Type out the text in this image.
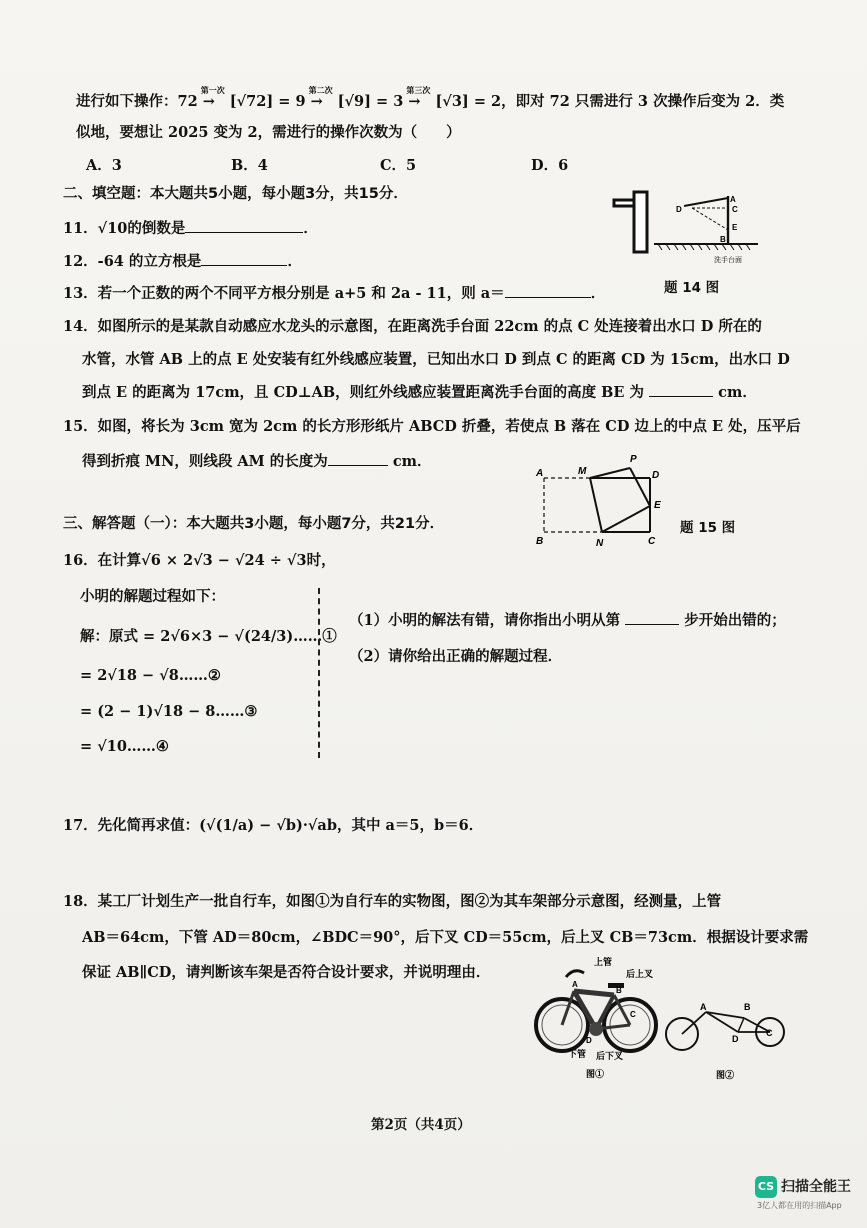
进行如下操作：72 →
第一次
[√72] = 9 →
第二次
[√9] = 3 →
第三次
[√3] = 2，即对 72 只需进行 3 次操作后变为 2．类
似地，要想让 2025 变为 2，需进行的操作次数为（　　）
A．3	B．4	C．5	D．6
二、填空题：本大题共5小题，每小题3分，共15分．
11．√10的倒数是	．
12．-64 的立方根是	．
13．若一个正数的两个不同平方根分别是 a+5 和 2a - 11，则 a＝	．
A
D	C
E
B
洗手台面
题 14 图
14．如图所示的是某款自动感应水龙头的示意图，在距离洗手台面 22cm 的点 C 处连接着出水口 D 所在的
水管，水管 AB 上的点 E 处安装有红外线感应装置，已知出水口 D 到点 C 的距离 CD 为 15cm，出水口 D
到点 E 的距离为 17cm，且 CD⊥AB，则红外线感应装置距离洗手台面的高度 BE 为	cm．
15．如图，将长为 3cm 宽为 2cm 的长方形形纸片 ABCD 折叠，若使点 B 落在 CD 边上的中点 E 处，压平后
得到折痕 MN，则线段 AM 的长度为	cm．
A	M
P
D
E
B	N	C
题 15 图
三、解答题（一）：本大题共3小题，每小题7分，共21分．
16．在计算√6 × 2√3 − √24 ÷ √3时，
小明的解题过程如下：
解：原式 = 2√6×3 − √(24/3)……①
= 2√18 − √8……②
= (2 − 1)√18 − 8……③
= √10……④
（1）小明的解法有错，请你指出小明从第	步开始出错的；
（2）请你给出正确的解题过程．
17．先化简再求值：(√(1/a) − √b)·√ab，其中 a＝5，b＝6．
18．某工厂计划生产一批自行车，如图①为自行车的实物图，图②为其车架部分示意图，经测量，上管
AB＝64cm，下管 AD＝80cm，∠BDC＝90°，后下叉 CD＝55cm，后上叉 CB＝73cm．根据设计要求需
保证 AB∥CD，请判断该车架是否符合设计要求，并说明理由．
上管
后上叉
下管 后下叉
A
B
C
D
图①
A	B
C
D
图②
第2页（共4页）
CS 扫描全能王
3亿人都在用的扫描App
